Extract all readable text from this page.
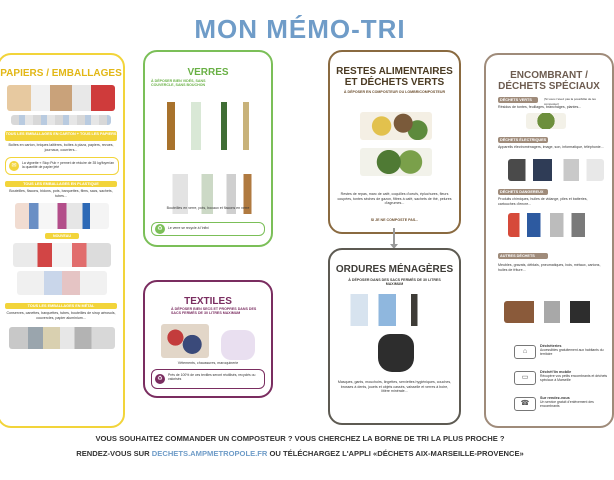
MON MÉMO-TRI
PAPIERS / EMBALLAGES
TOUS LES EMBALLAGES EN CARTON + TOUS LES PAPIERS
Boîtes en carton, briques laitières, boîtes à pizza, papiers, revues, journaux, courriers...
✉	La vignette « Stop Pub » permet de réduire de 35 kg/foyer/an la quantité de papier jeté
TOUS LES EMBALLAGES EN PLASTIQUE
Bouteilles, flacons, bidons, pots, barquettes, films, sacs, sachets, tubes...
NOUVEAU
TOUS LES EMBALLAGES EN MÉTAL
Conserves, canettes, barquettes, tubes, bouteilles de sirop aérosols, couvercles, papier aluminium...
VERRES
À DÉPOSER BIEN VIDÉS, SANS COUVERCLE, SANS BOUCHON
Bouteilles en verre, pots, bocaux et flacons en verre
♻	Le verre se recycle à l'infini
TEXTILES
À DÉPOSER BIEN SECS ET PROPRES DANS DES SACS FERMÉS DE 30 LITRES MAXIMUM
Vêtements, chaussures, maroquinerie
♻
Près de 100% de ces textiles seront réutilisés, recyclés ou valorisés
RESTES ALIMENTAIRES ET DÉCHETS VERTS
À DÉPOSER EN COMPOSTEUR OU LOMBRICOMPOSTEUR
Restes de repas, marc de café, coquilles d'oeufs, épluchures, fleurs coupées, tontes sèches de gazon, filtres à café, sachets de thé, pelures d'agrumes...
SI JE NE COMPOSTE PAS...
ORDURES MÉNAGÈRES
À DÉPOSER DANS DES SACS FERMÉS DE 30 LITRES MAXIMUM
Masques, gants, mouchoirs, lingettes, serviettes hygiéniques, couches, brosses à dents, jouets et objets cassés, vaisselle et verres à boire, litière minérale...
ENCOMBRANT / DÉCHETS SPÉCIAUX
DÉCHETS VERTS	(Si vous n'avez pas la possibilité de les composter)
Résidus de tontes, feuillages, branchages, plantes...
DÉCHETS ÉLECTRIQUES
Appareils électroménagers, image, son, informatique, téléphonie...
DÉCHETS DANGEREUX
Produits chimiques, huiles de vidange, piles et batteries, cartouches d'encre...
AUTRES DÉCHETS
Meubles, gravats, déblais, pneumatiques, bois, métaux, cartons, huiles de friture...
⌂
Déchèteries
Accessibles gratuitement aux habitants du territoire
▭
Déchèt'lin mobile
Récupère vos petits encombrants et déchets spéciaux à Marseille
☎
Sur rendez-vous
Un service gratuit d'enlèvement des encombrants
VOUS SOUHAITEZ COMMANDER UN COMPOSTEUR ? VOUS CHERCHEZ LA BORNE DE TRI LA PLUS PROCHE ?
RENDEZ-VOUS SUR DECHETS.AMPMETROPOLE.FR OU TÉLÉCHARGEZ L'APPLI «DÉCHETS AIX-MARSEILLE-PROVENCE»
